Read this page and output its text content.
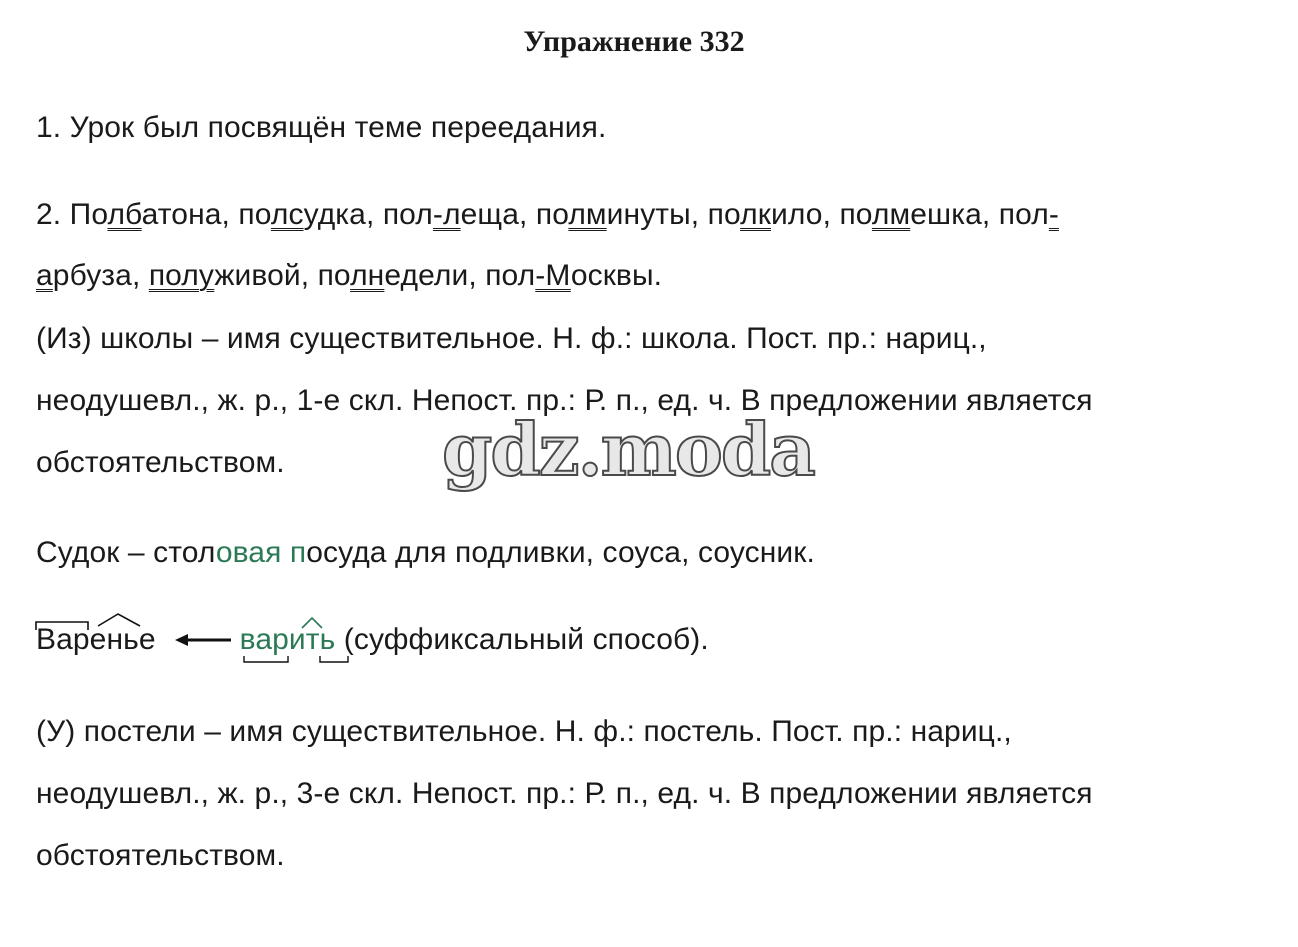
Упражнение 332
1. Урок был посвящён теме переедания.
2. Полбатона, полсудка, пол-леща, полминуты, полкило, полмешка, пол-
арбуза, полуживой, полнедели, пол-Москвы.
(Из) школы – имя существительное. Н. ф.: школа. Пост. пр.: нариц.,
неодушевл., ж. р., 1-е скл. Непост. пр.: Р. п., ед. ч. В предложении является
обстоятельством. gdz.moda
Судок – столовая посуда для подливки, соуса, соусник.
Варенье	варить (суффиксальный способ).
(У) постели – имя существительное. Н. ф.: постель. Пост. пр.: нариц.,
неодушевл., ж. р., 3-е скл. Непост. пр.: Р. п., ед. ч. В предложении является
обстоятельством.
